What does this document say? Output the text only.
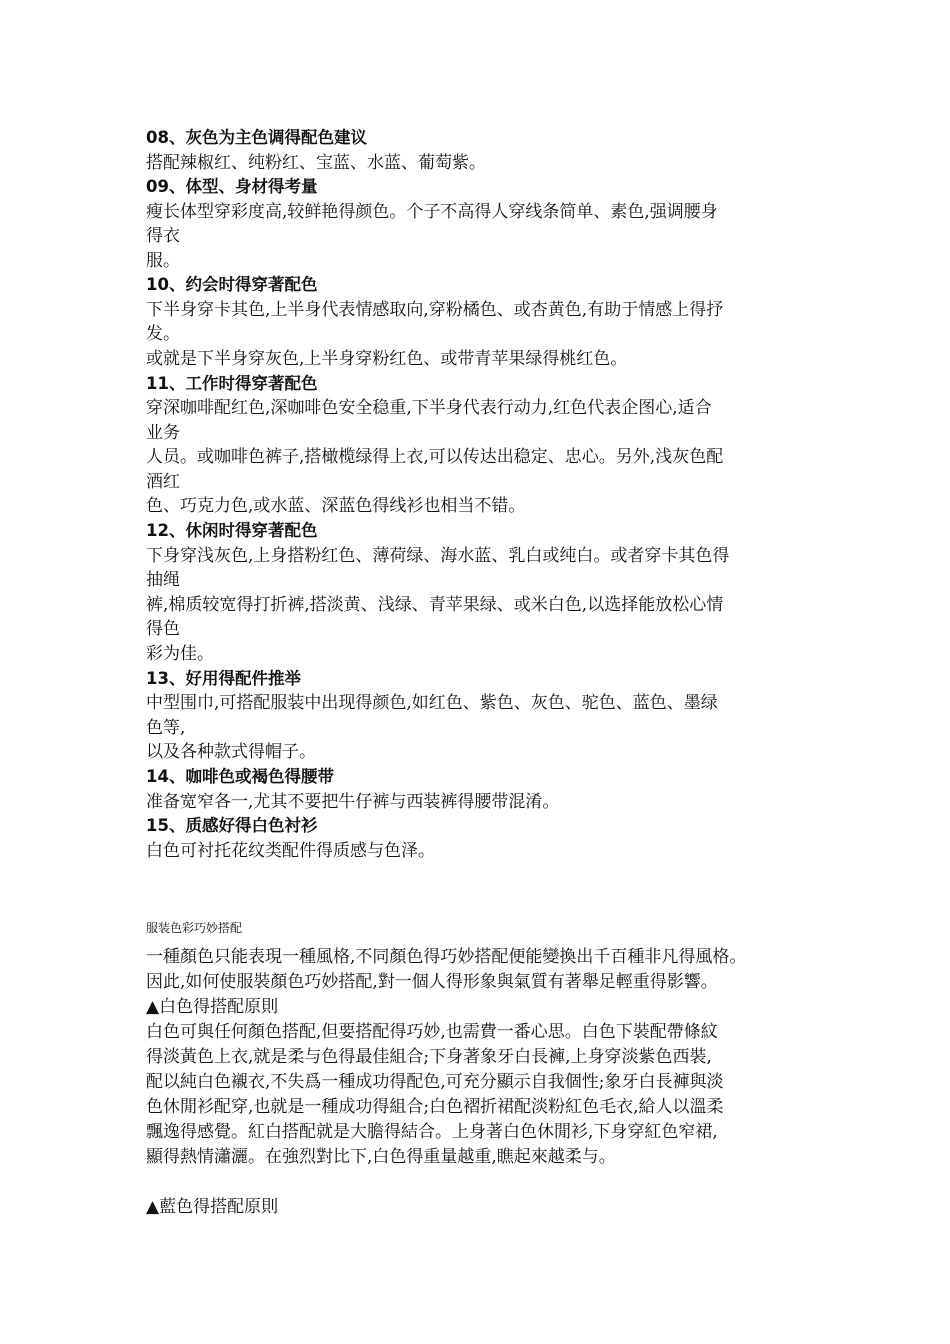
08、灰色为主色调得配色建议
搭配辣椒红、纯粉红、宝蓝、水蓝、葡萄紫。
09、体型、身材得考量
瘦长体型穿彩度高,较鲜艳得颜色。个子不高得人穿线条简单、素色,强调腰身
得衣
服。
10、约会时得穿著配色
下半身穿卡其色,上半身代表情感取向,穿粉橘色、或杏黄色,有助于情感上得抒
发。
或就是下半身穿灰色,上半身穿粉红色、或带青苹果绿得桃红色。
11、工作时得穿著配色
穿深咖啡配红色,深咖啡色安全稳重,下半身代表行动力,红色代表企图心,适合
业务
人员。或咖啡色裤子,搭橄榄绿得上衣,可以传达出稳定、忠心。另外,浅灰色配
酒红
色、巧克力色,或水蓝、深蓝色得线衫也相当不错。
12、休闲时得穿著配色
下身穿浅灰色,上身搭粉红色、薄荷绿、海水蓝、乳白或纯白。或者穿卡其色得
抽绳
裤,棉质较宽得打折裤,搭淡黄、浅绿、青苹果绿、或米白色,以选择能放松心情
得色
彩为佳。
13、好用得配件推举
中型围巾,可搭配服装中出现得颜色,如红色、紫色、灰色、驼色、蓝色、墨绿
色等,
以及各种款式得帽子。
14、咖啡色或褐色得腰带
准备宽窄各一,尤其不要把牛仔裤与西装裤得腰带混淆。
15、质感好得白色衬衫
白色可衬托花纹类配件得质感与色泽。
服装色彩巧妙搭配
一種顏色只能表現一種風格,不同顏色得巧妙搭配便能變換出千百種非凡得風格。
因此,如何使服裝顏色巧妙搭配,對一個人得形象與氣質有著舉足輕重得影響。
▲白色得搭配原則
白色可與任何顏色搭配,但要搭配得巧妙,也需費一番心思。白色下裝配帶條紋
得淡黃色上衣,就是柔与色得最佳組合;下身著象牙白長褲,上身穿淡紫色西裝,
配以純白色襯衣,不失爲一種成功得配色,可充分顯示自我個性;象牙白長褲與淡
色休閒衫配穿,也就是一種成功得組合;白色褶折裙配淡粉紅色毛衣,給人以溫柔
飄逸得感覺。紅白搭配就是大膽得結合。上身著白色休閒衫,下身穿紅色窄裙,
顯得熱情瀟灑。在強烈對比下,白色得重量越重,瞧起來越柔与。
▲藍色得搭配原則
